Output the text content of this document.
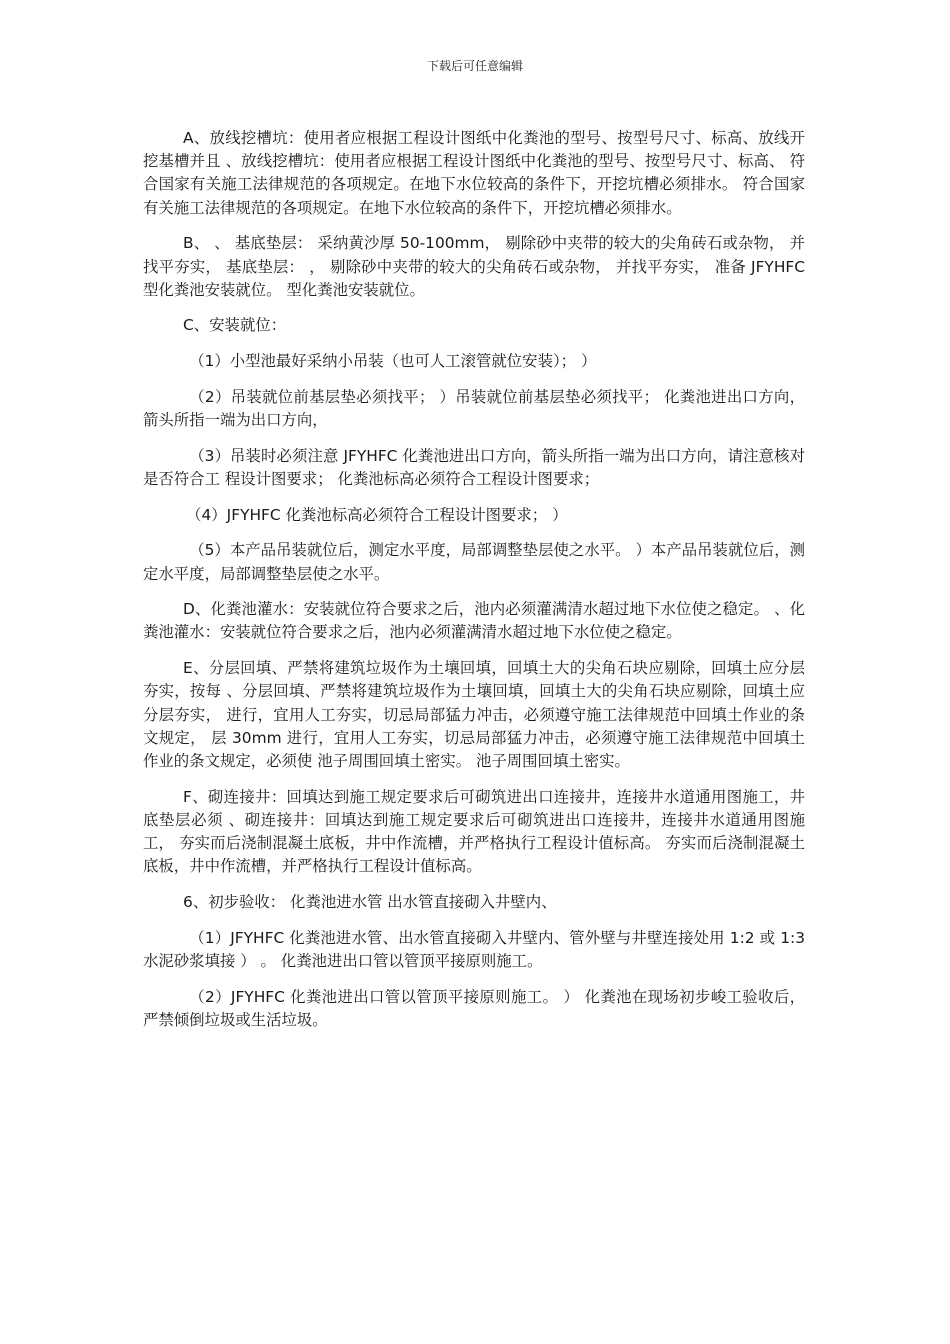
下载后可任意编辑

A、放线挖槽坑：使用者应根据工程设计图纸中化粪池的型号、按型号尺寸、标高、放线开挖基槽并且 、放线挖槽坑：使用者应根据工程设计图纸中化粪池的型号、按型号尺寸、标高、 符合国家有关施工法律规范的各项规定。在地下水位较高的条件下，开挖坑槽必须排水。 符合国家有关施工法律规范的各项规定。在地下水位较高的条件下，开挖坑槽必须排水。

B、 、 基底垫层： 采纳黄沙厚 50-100mm， 剔除砂中夹带的较大的尖角砖石或杂物， 并找平夯实， 基底垫层： ， 剔除砂中夹带的较大的尖角砖石或杂物， 并找平夯实， 准备 JFYHFC 型化粪池安装就位。 型化粪池安装就位。

C、安装就位：

（1）小型池最好采纳小吊装（也可人工滚管就位安装）； ）

（2）吊装就位前基层垫必须找平； ）吊装就位前基层垫必须找平； 化粪池进出口方向，箭头所指一端为出口方向，

（3）吊装时必须注意 JFYHFC 化粪池进出口方向，箭头所指一端为出口方向，请注意核对是否符合工 程设计图要求； 化粪池标高必须符合工程设计图要求；

（4）JFYHFC 化粪池标高必须符合工程设计图要求； ）

（5）本产品吊装就位后，测定水平度，局部调整垫层使之水平。 ）本产品吊装就位后，测定水平度，局部调整垫层使之水平。

D、化粪池灌水：安装就位符合要求之后，池内必须灌满清水超过地下水位使之稳定。 、化粪池灌水：安装就位符合要求之后，池内必须灌满清水超过地下水位使之稳定。

E、分层回填、严禁将建筑垃圾作为土壤回填，回填土大的尖角石块应剔除，回填土应分层夯实，按每 、分层回填、严禁将建筑垃圾作为土壤回填，回填土大的尖角石块应剔除，回填土应分层夯实， 进行，宜用人工夯实，切忌局部猛力冲击，必须遵守施工法律规范中回填土作业的条文规定， 层 30mm 进行，宜用人工夯实，切忌局部猛力冲击，必须遵守施工法律规范中回填土作业的条文规定，必须使 池子周围回填土密实。 池子周围回填土密实。

F、砌连接井：回填达到施工规定要求后可砌筑进出口连接井，连接井水道通用图施工，井底垫层必须 、砌连接井：回填达到施工规定要求后可砌筑进出口连接井，连接井水道通用图施工， 夯实而后浇制混凝土底板，井中作流槽，并严格执行工程设计值标高。 夯实而后浇制混凝土底板，井中作流槽，并严格执行工程设计值标高。

6、初步验收： 化粪池进水管 出水管直接砌入井壁内、

（1）JFYHFC 化粪池进水管、出水管直接砌入井壁内、管外壁与井壁连接处用 1:2 或 1:3 水泥砂浆填接 ） 。 化粪池进出口管以管顶平接原则施工。

（2）JFYHFC 化粪池进出口管以管顶平接原则施工。 ） 化粪池在现场初步峻工验收后，严禁倾倒垃圾或生活垃圾。
